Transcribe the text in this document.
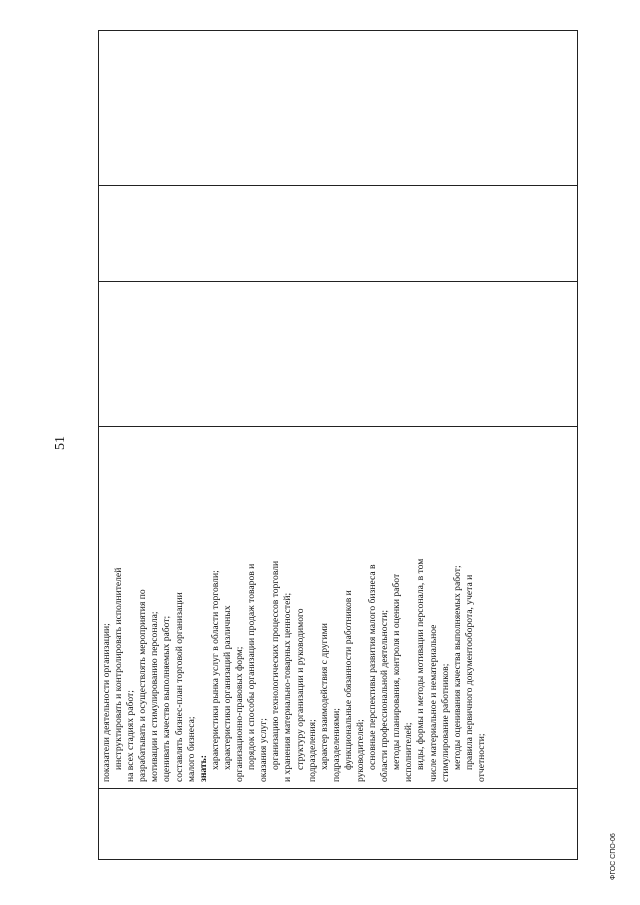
51
показатели деятельности организации; инструктировать и контролировать исполнителей на всех стадиях работ; разрабатывать и осуществлять мероприятия по мотивации и стимулированию персонала; оценивать качество выполняемых работ; составлять бизнес-план торговой организации малого бизнеса; знать: характеристики рынка услуг в области торговли; характеристики организаций различных организационно-правовых форм; порядок и способы организации продаж товаров и оказания услуг; организацию технологических процессов торговли и хранения материально-товарных ценностей; структуру организации и руководимого подразделения; характер взаимодействия с другими подразделениями; функциональные обязанности работников и руководителей; основные перспективы развития малого бизнеса в области профессиональной деятельности; методы планирования, контроля и оценки работ исполнителей; виды, формы и методы мотивации персонала, в том числе материальное и нематериальное стимулирование работников; методы оценивания качества выполняемых работ; правила первичного документооборота, учета и отчетности;
ФГОС СПО-06
